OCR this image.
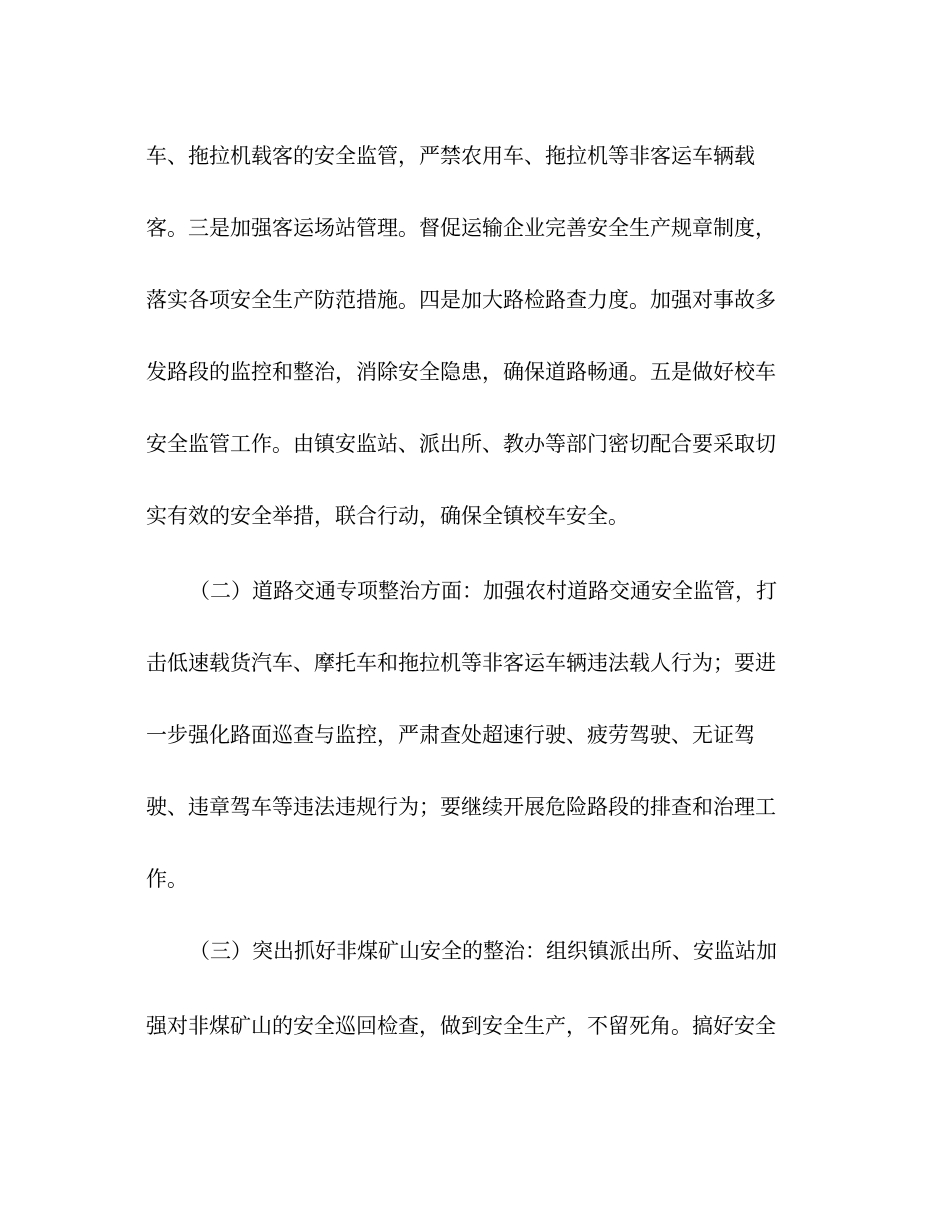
车、拖拉机载客的安全监管，严禁农用车、拖拉机等非客运车辆载

客。三是加强客运场站管理。督促运输企业完善安全生产规章制度，

落实各项安全生产防范措施。四是加大路检路查力度。加强对事故多

发路段的监控和整治，消除安全隐患，确保道路畅通。五是做好校车

安全监管工作。由镇安监站、派出所、教办等部门密切配合要采取切

实有效的安全举措，联合行动，确保全镇校车安全。

（二）道路交通专项整治方面：加强农村道路交通安全监管，打

击低速载货汽车、摩托车和拖拉机等非客运车辆违法载人行为；要进

一步强化路面巡查与监控，严肃查处超速行驶、疲劳驾驶、无证驾

驶、违章驾车等违法违规行为；要继续开展危险路段的排查和治理工

作。

（三）突出抓好非煤矿山安全的整治：组织镇派出所、安监站加

强对非煤矿山的安全巡回检查，做到安全生产，不留死角。搞好安全
